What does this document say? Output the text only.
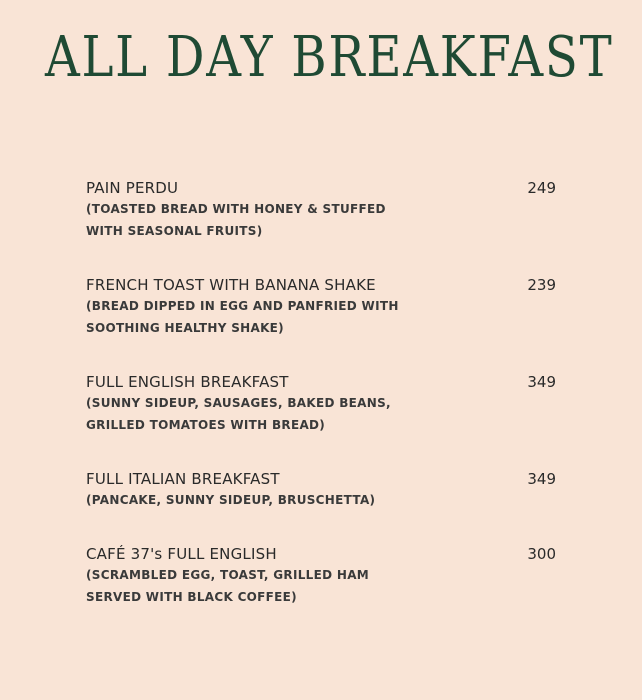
ALL DAY BREAKFAST
PAIN PERDU
(TOASTED BREAD WITH HONEY & STUFFED WITH SEASONAL FRUITS)
249
FRENCH TOAST WITH BANANA SHAKE
(BREAD DIPPED IN EGG AND PANFRIED WITH SOOTHING HEALTHY SHAKE)
239
FULL ENGLISH BREAKFAST
(SUNNY SIDEUP, SAUSAGES, BAKED BEANS, GRILLED TOMATOES WITH BREAD)
349
FULL ITALIAN BREAKFAST
(PANCAKE, SUNNY SIDEUP, BRUSCHETTA)
349
CAFÉ 37's FULL ENGLISH
(SCRAMBLED EGG, TOAST, GRILLED HAM SERVED WITH BLACK COFFEE)
300
